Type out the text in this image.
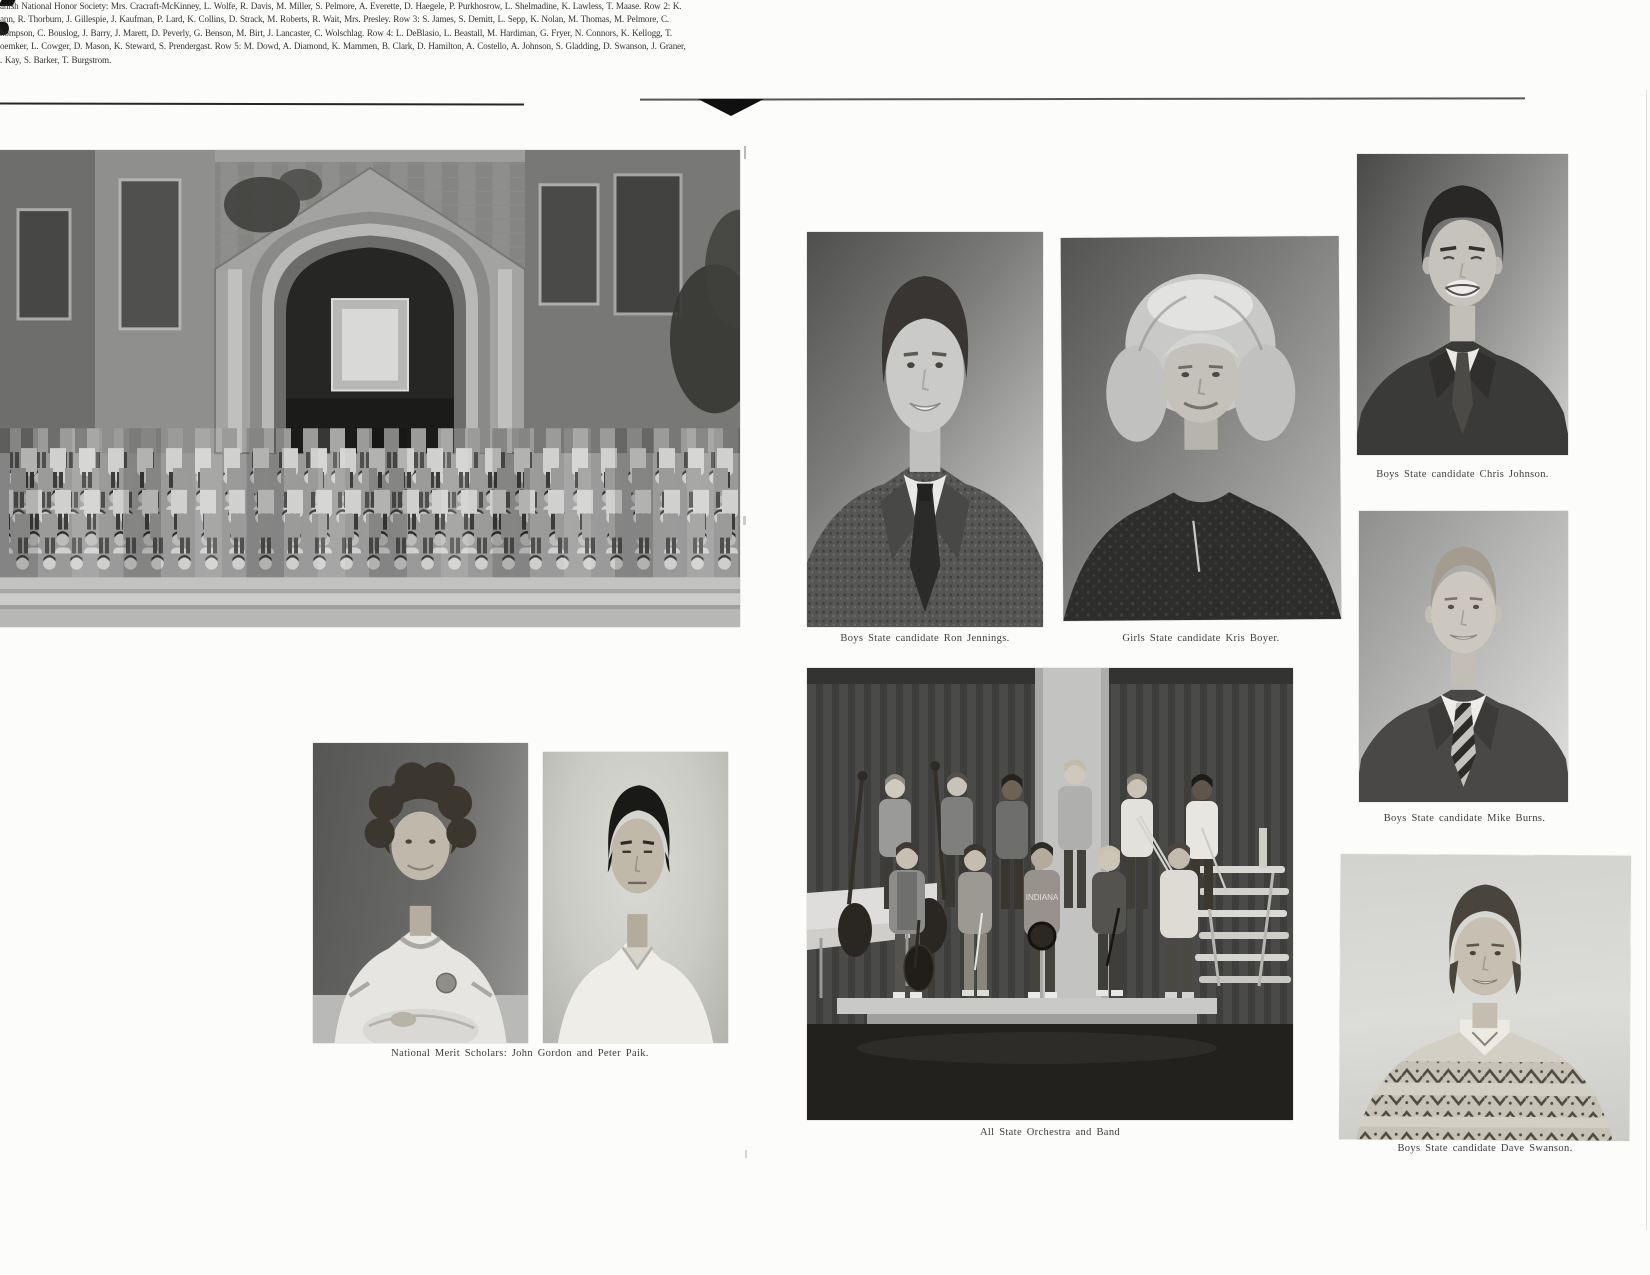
anish National Honor Society: Mrs. Cracraft-McKinney, L. Wolfe, R. Davis, M. Miller, S. Pelmore, A. Everette, D. Haegele, P. Purkhosrow, L. Shelmadine, K. Lawless, T. Maase. Row 2: K.
ann, R. Thorburn, J. Gillespie, J. Kaufman, P. Lard, K. Collins, D. Strack, M. Roberts, R. Wait, Mrs. Presley. Row 3: S. James, S. Demitt, L. Sepp, K. Nolan, M. Thomas, M. Pelmore, C.
hompson, C. Bouslog, J. Barry, J. Marett, D. Peverly, G. Benson, M. Birt, J. Lancaster, C. Wolschlag. Row 4: L. DeBlasio, L. Beastall, M. Hardiman, G. Fryer, N. Connors, K. Kellogg, T.
oemker, L. Cowger, D. Mason, K. Steward, S. Prendergast. Row 5: M. Dowd, A. Diamond, K. Mammen, B. Clark, D. Hamilton, A. Costello, A. Johnson, S. Gladding, D. Swanson, J. Graner,
. Kay, S. Barker, T. Burgstrom.
National Merit Scholars: John Gordon and Peter Paik.
Boys State candidate Ron Jennings.	Girls State candidate Kris Boyer.
Boys State candidate Chris Johnson.
Boys State candidate Mike Burns.
Boys State candidate Dave Swanson.
INDIANA
All State Orchestra and Band
